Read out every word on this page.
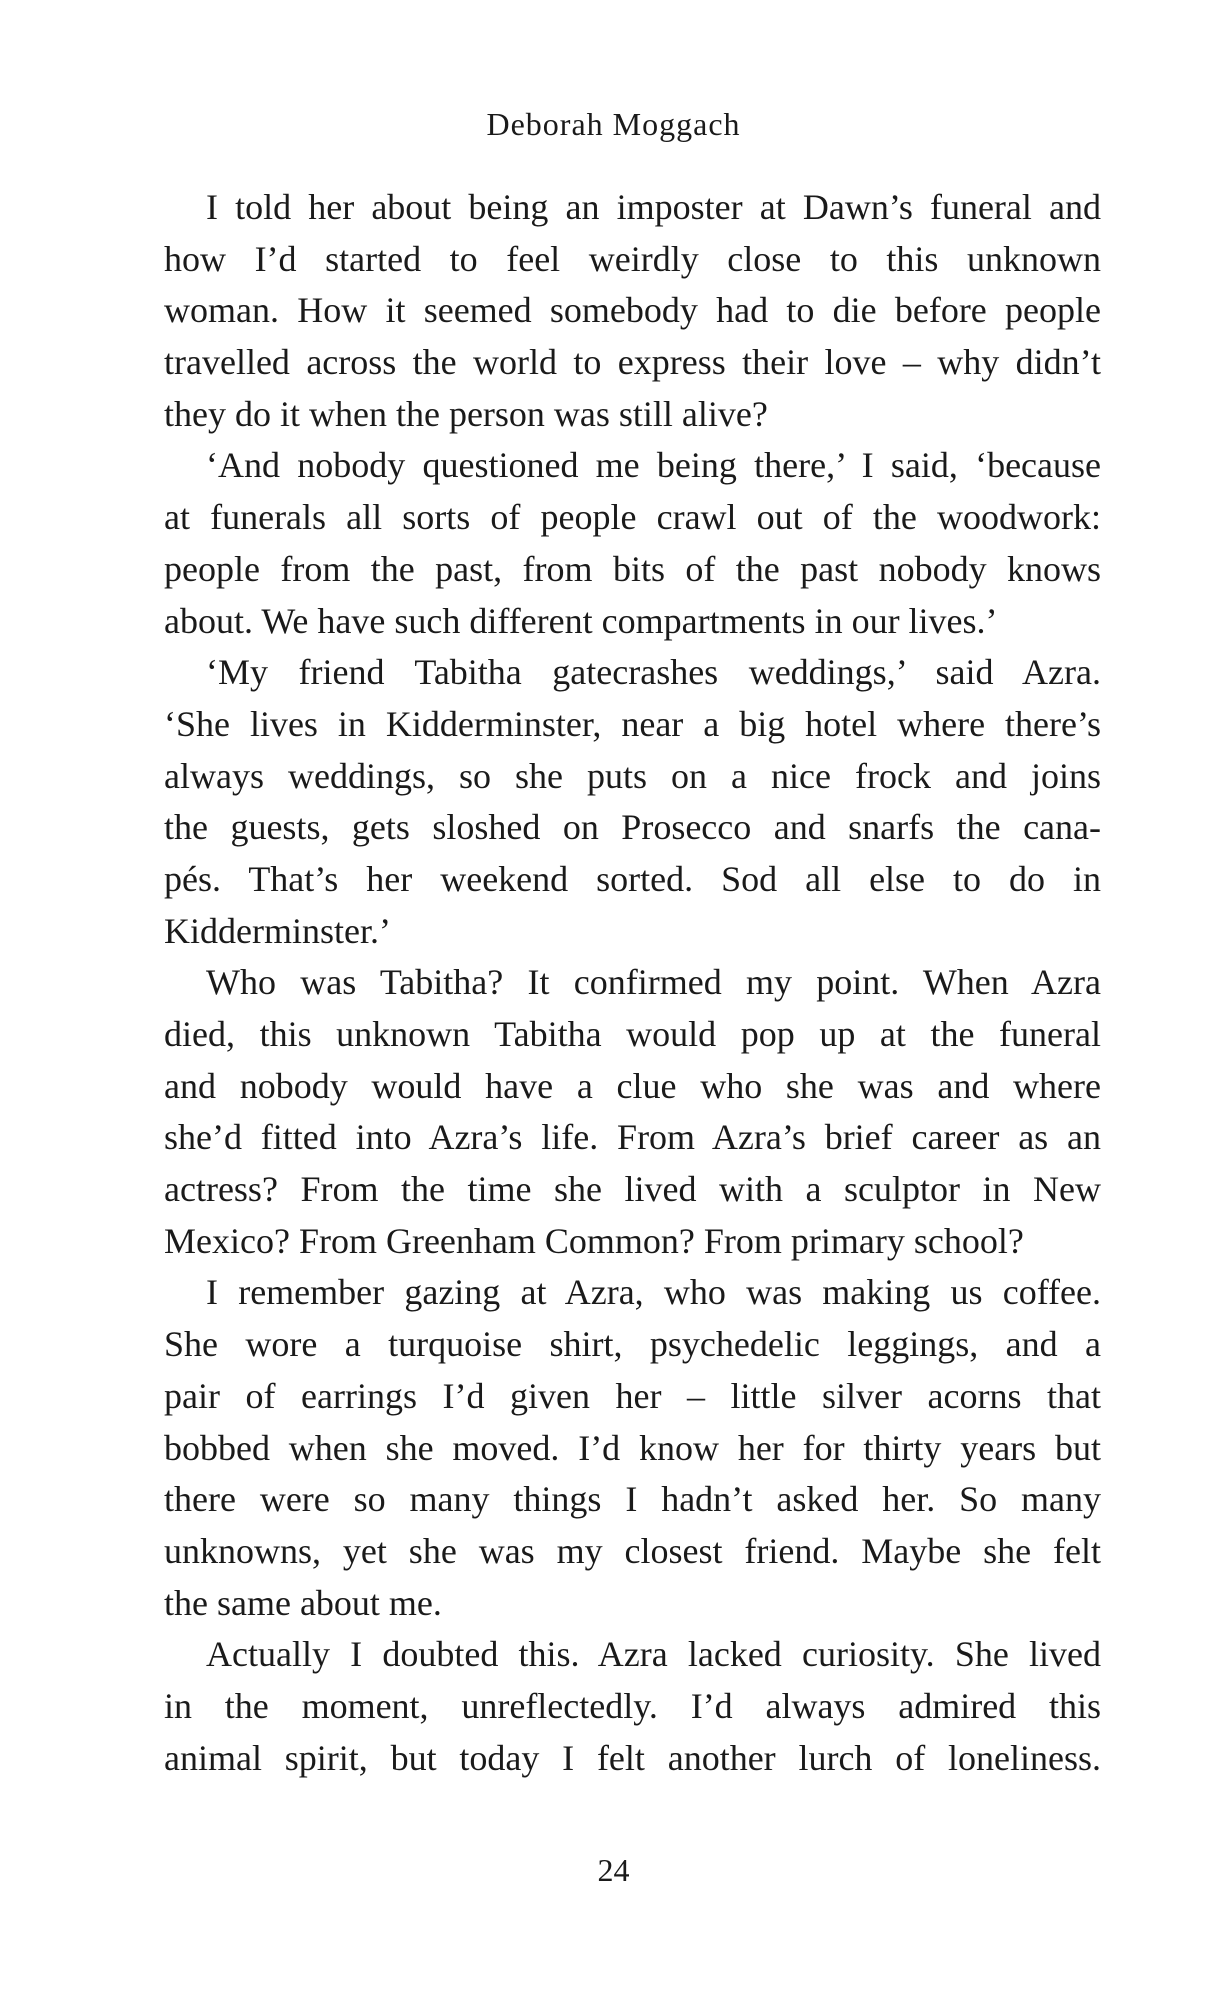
Deborah Moggach
I told her about being an imposter at Dawn’s funeral and
how I’d started to feel weirdly close to this unknown
woman. How it seemed somebody had to die before people
travelled across the world to express their love – why didn’t
they do it when the person was still alive?
‘And nobody questioned me being there,’ I said, ‘because
at funerals all sorts of people crawl out of the woodwork:
people from the past, from bits of the past nobody knows
about. We have such different compartments in our lives.’
‘My friend Tabitha gatecrashes weddings,’ said Azra.
‘She lives in Kidderminster, near a big hotel where there’s
always weddings, so she puts on a nice frock and joins
the guests, gets sloshed on Prosecco and snarfs the cana-
pés. That’s her weekend sorted. Sod all else to do in
Kidderminster.’
Who was Tabitha? It confirmed my point. When Azra
died, this unknown Tabitha would pop up at the funeral
and nobody would have a clue who she was and where
she’d fitted into Azra’s life. From Azra’s brief career as an
actress? From the time she lived with a sculptor in New
Mexico? From Greenham Common? From primary school?
I remember gazing at Azra, who was making us coffee.
She wore a turquoise shirt, psychedelic leggings, and a
pair of earrings I’d given her – little silver acorns that
bobbed when she moved. I’d know her for thirty years but
there were so many things I hadn’t asked her. So many
unknowns, yet she was my closest friend. Maybe she felt
the same about me.
Actually I doubted this. Azra lacked curiosity. She lived
in the moment, unreflectedly. I’d always admired this
animal spirit, but today I felt another lurch of loneliness.
24
